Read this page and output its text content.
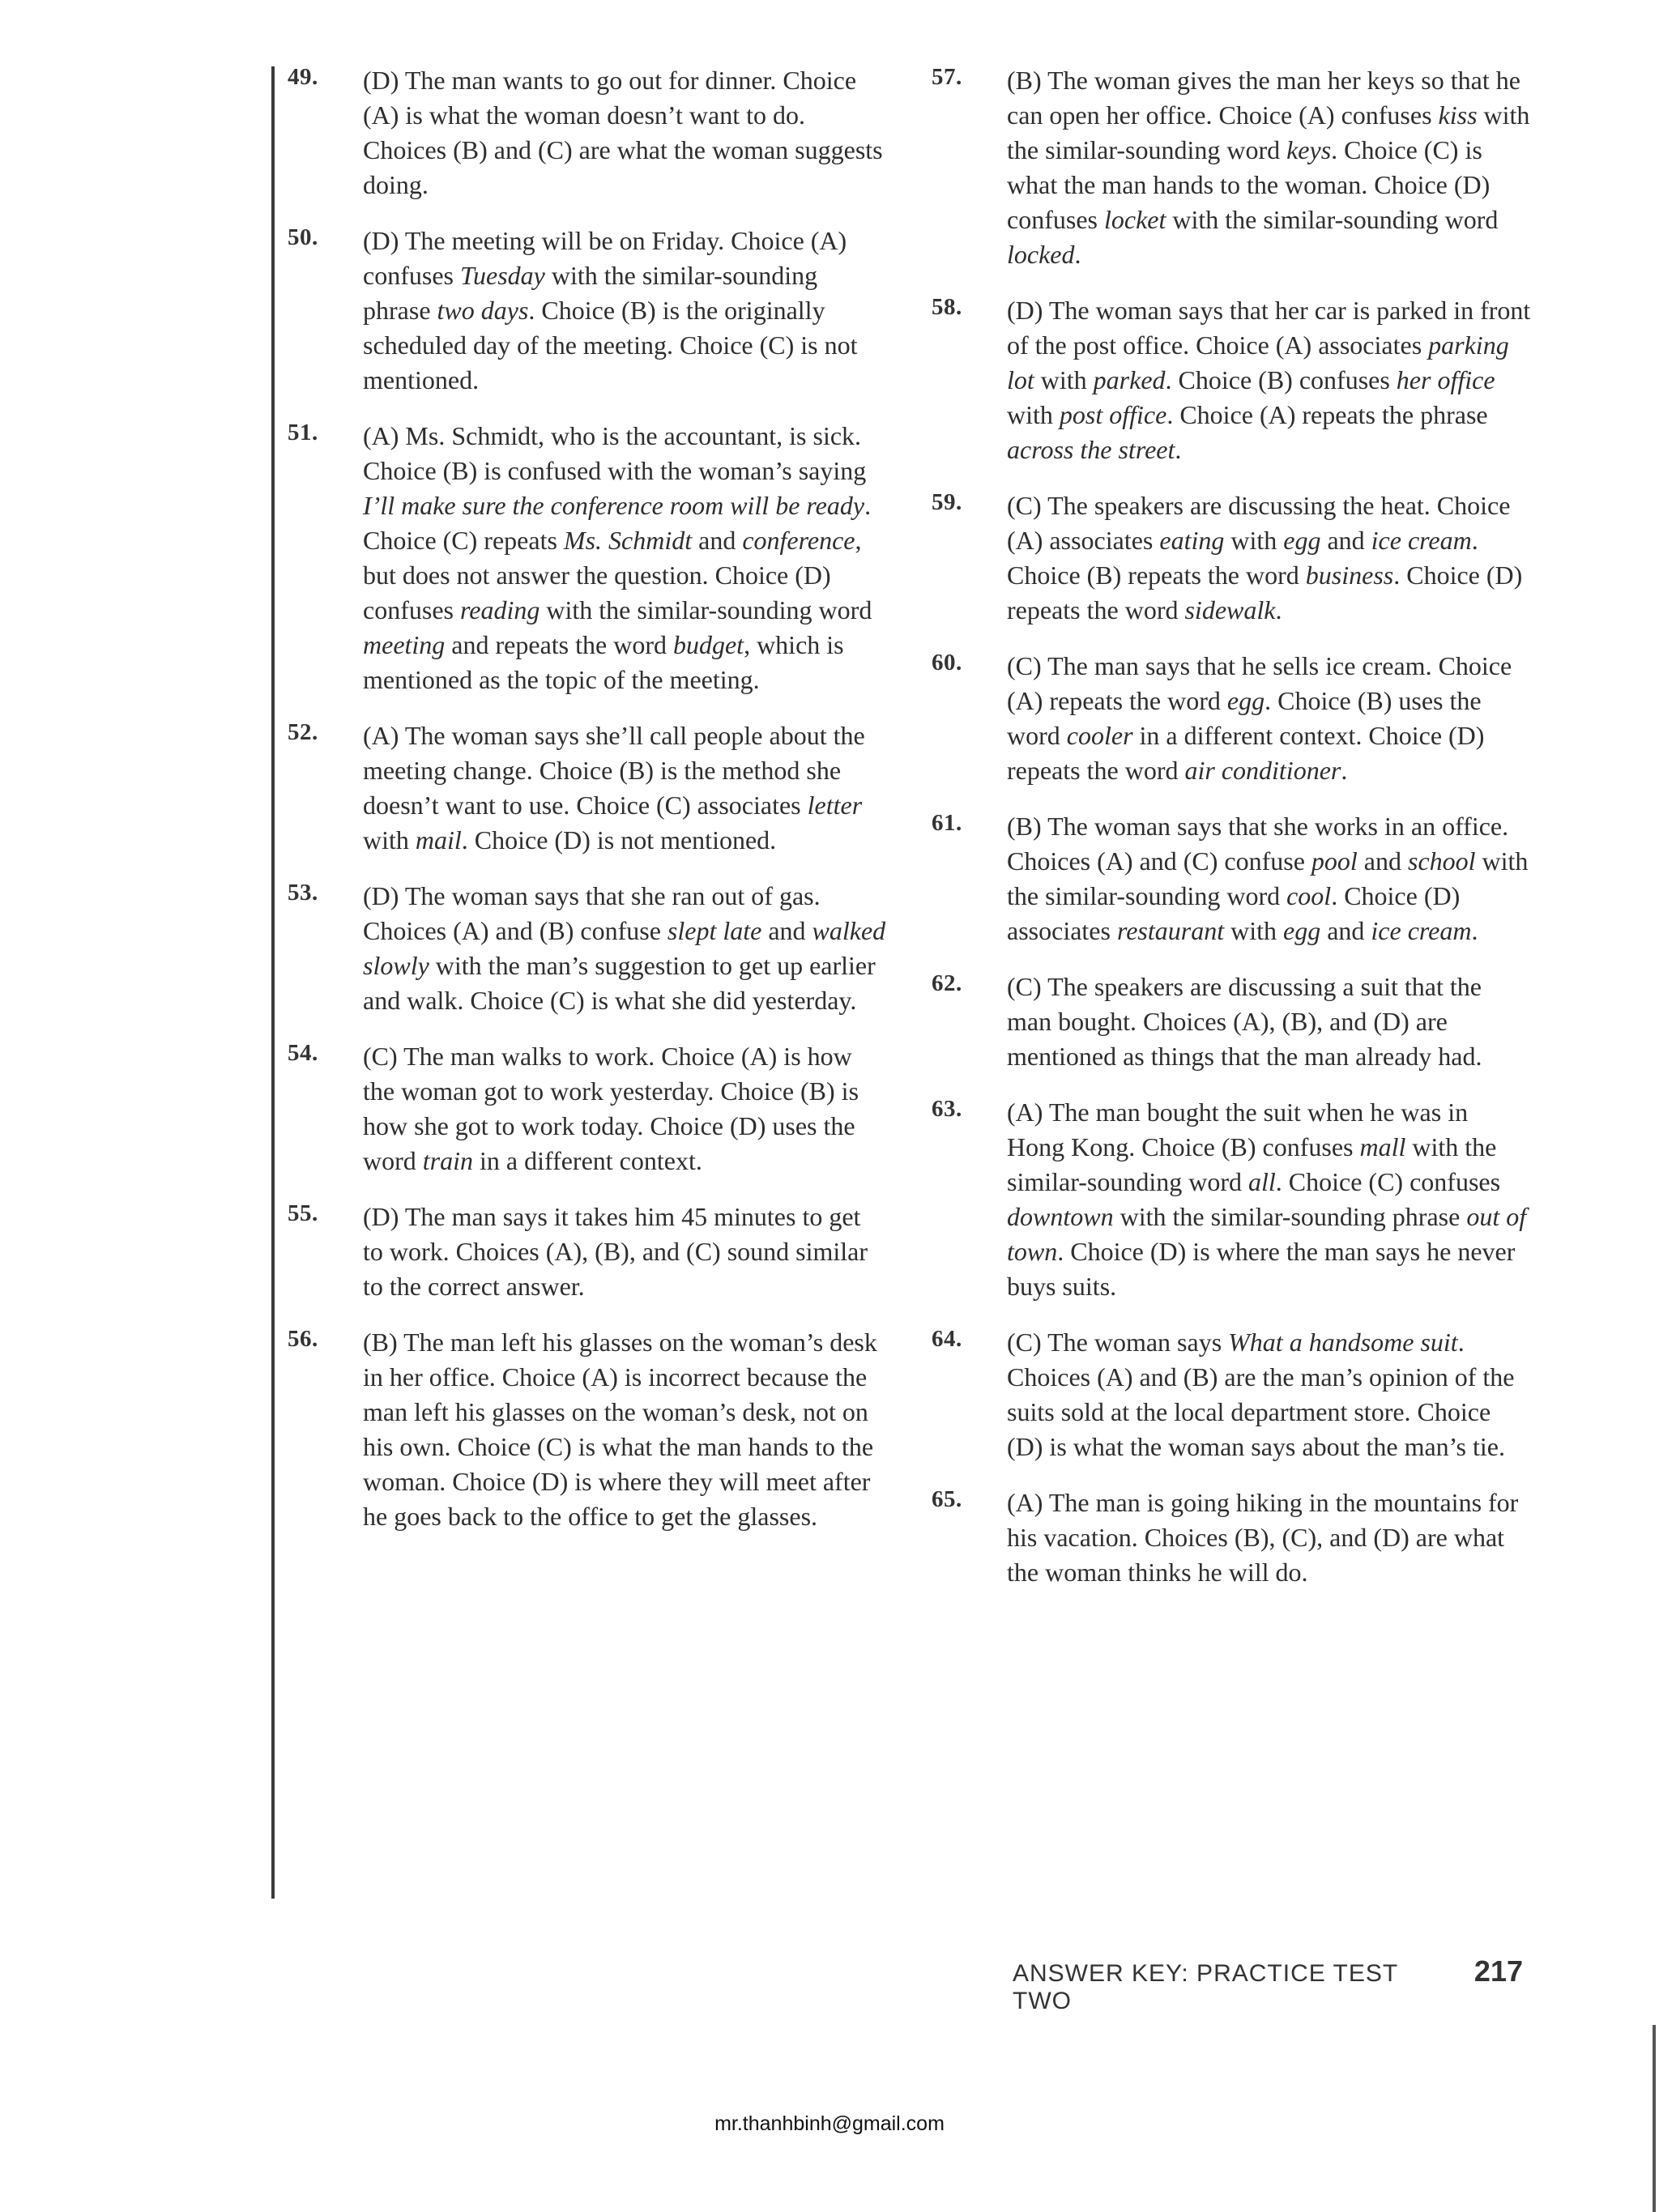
49. (D) The man wants to go out for dinner. Choice (A) is what the woman doesn’t want to do. Choices (B) and (C) are what the woman suggests doing.
50. (D) The meeting will be on Friday. Choice (A) confuses Tuesday with the similar-sounding phrase two days. Choice (B) is the originally scheduled day of the meeting. Choice (C) is not mentioned.
51. (A) Ms. Schmidt, who is the accountant, is sick. Choice (B) is confused with the woman’s saying I’ll make sure the conference room will be ready. Choice (C) repeats Ms. Schmidt and conference, but does not answer the question. Choice (D) confuses reading with the similar-sounding word meeting and repeats the word budget, which is mentioned as the topic of the meeting.
52. (A) The woman says she’ll call people about the meeting change. Choice (B) is the method she doesn’t want to use. Choice (C) associates letter with mail. Choice (D) is not mentioned.
53. (D) The woman says that she ran out of gas. Choices (A) and (B) confuse slept late and walked slowly with the man’s suggestion to get up earlier and walk. Choice (C) is what she did yesterday.
54. (C) The man walks to work. Choice (A) is how the woman got to work yesterday. Choice (B) is how she got to work today. Choice (D) uses the word train in a different context.
55. (D) The man says it takes him 45 minutes to get to work. Choices (A), (B), and (C) sound similar to the correct answer.
56. (B) The man left his glasses on the woman’s desk in her office. Choice (A) is incorrect because the man left his glasses on the woman’s desk, not on his own. Choice (C) is what the man hands to the woman. Choice (D) is where they will meet after he goes back to the office to get the glasses.
57. (B) The woman gives the man her keys so that he can open her office. Choice (A) confuses kiss with the similar-sounding word keys. Choice (C) is what the man hands to the woman. Choice (D) confuses locket with the similar-sounding word locked.
58. (D) The woman says that her car is parked in front of the post office. Choice (A) associates parking lot with parked. Choice (B) confuses her office with post office. Choice (A) repeats the phrase across the street.
59. (C) The speakers are discussing the heat. Choice (A) associates eating with egg and ice cream. Choice (B) repeats the word business. Choice (D) repeats the word sidewalk.
60. (C) The man says that he sells ice cream. Choice (A) repeats the word egg. Choice (B) uses the word cooler in a different context. Choice (D) repeats the word air conditioner.
61. (B) The woman says that she works in an office. Choices (A) and (C) confuse pool and school with the similar-sounding word cool. Choice (D) associates restaurant with egg and ice cream.
62. (C) The speakers are discussing a suit that the man bought. Choices (A), (B), and (D) are mentioned as things that the man already had.
63. (A) The man bought the suit when he was in Hong Kong. Choice (B) confuses mall with the similar-sounding word all. Choice (C) confuses downtown with the similar-sounding phrase out of town. Choice (D) is where the man says he never buys suits.
64. (C) The woman says What a handsome suit. Choices (A) and (B) are the man’s opinion of the suits sold at the local department store. Choice (D) is what the woman says about the man’s tie.
65. (A) The man is going hiking in the mountains for his vacation. Choices (B), (C), and (D) are what the woman thinks he will do.
ANSWER KEY: PRACTICE TEST TWO
217
mr.thanhbinh@gmail.com
